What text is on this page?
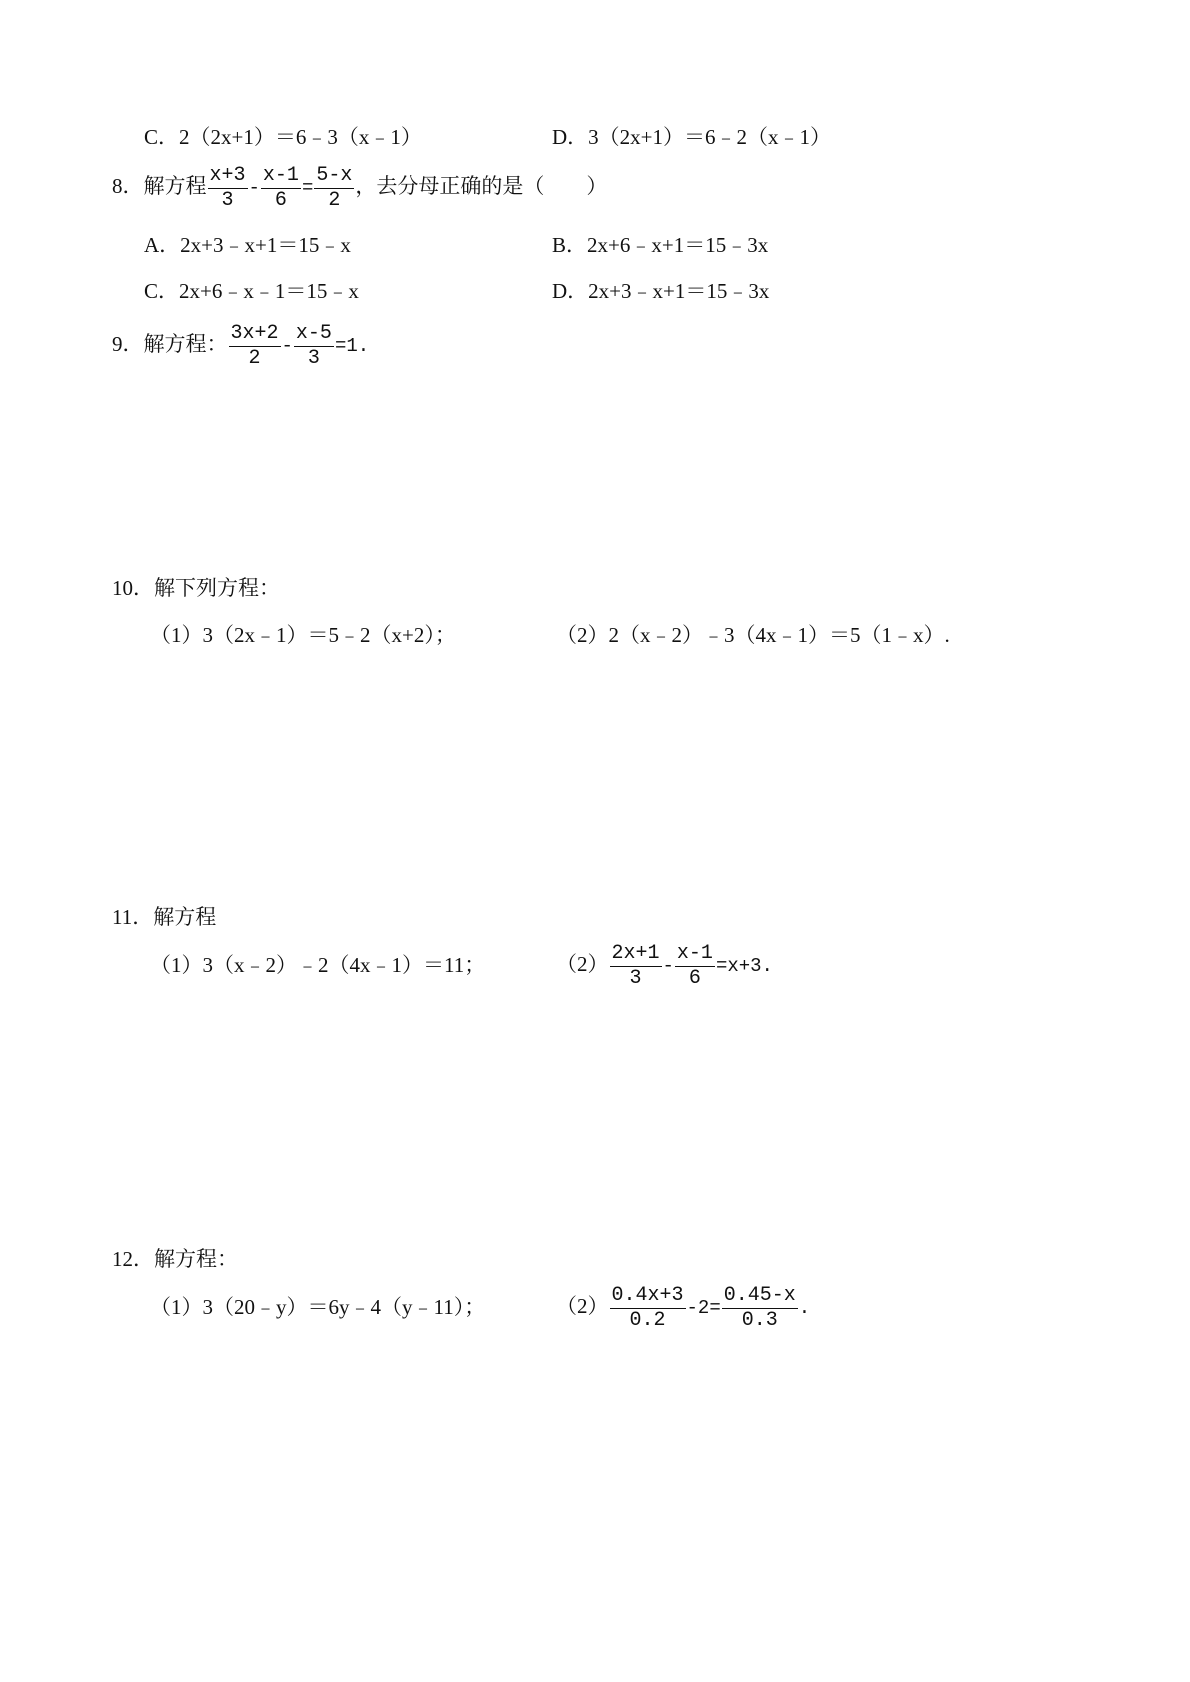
C．2（2x+1）＝6﹣3（x﹣1）	D．3（2x+1）＝6﹣2（x﹣1）
8．解方程 $\frac{x+3}{3} - \frac{x-1}{6} = \frac{5-x}{2}$ ，去分母正确的是（　　）
A．2x+3﹣x+1＝15﹣x	B．2x+6﹣x+1＝15﹣3x
C．2x+6﹣x﹣1＝15﹣x	D．2x+3﹣x+1＝15﹣3x
9．解方程： $\frac{3x+2}{2} - \frac{x-5}{3} =1$.
10．解下列方程：
（1）3（2x﹣1）＝5﹣2（x+2）；	（2）2（x﹣2）﹣3（4x﹣1）＝5（1﹣x）.
11．解方程
（1）3（x﹣2）﹣2（4x﹣1）＝11；	$(2) \frac{2x+1}{3} - \frac{x-1}{6} =x+3$.
12．解方程：
（1）3（20﹣y）＝6y﹣4（y﹣11）；	$(2) \frac{0.4x+3}{0.2} -2= \frac{0.45-x}{0.3}$ .
